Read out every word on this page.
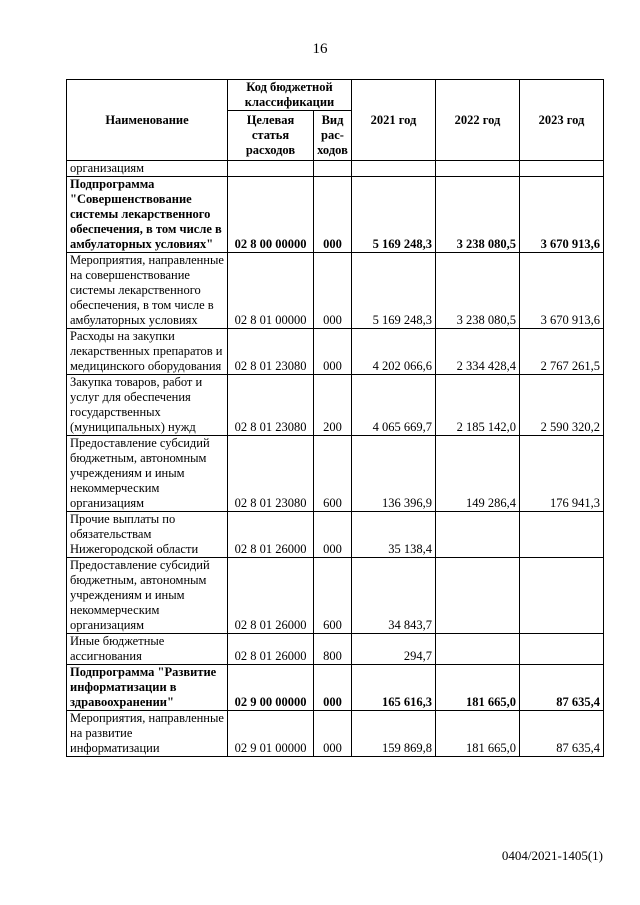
16
Наименование	Код бюджетной классификации		2021 год	2022 год	2023 год
	Целевая статья расходов	Вид рас-ходов			
организациям					
Подпрограмма "Совершенствование системы лекарственного обеспечения, в том числе в амбулаторных условиях"	02 8 00 00000	000	5 169 248,3	3 238 080,5	3 670 913,6
Мероприятия, направленные на совершенствование системы лекарственного обеспечения, в том числе в амбулаторных условиях	02 8 01 00000	000	5 169 248,3	3 238 080,5	3 670 913,6
Расходы на закупки лекарственных препаратов и медицинского оборудования	02 8 01 23080	000	4 202 066,6	2 334 428,4	2 767 261,5
Закупка товаров, работ и услуг для обеспечения государственных (муниципальных) нужд	02 8 01 23080	200	4 065 669,7	2 185 142,0	2 590 320,2
Предоставление субсидий бюджетным, автономным учреждениям и иным некоммерческим организациям	02 8 01 23080	600	136 396,9	149 286,4	176 941,3
Прочие выплаты по обязательствам Нижегородской области	02 8 01 26000	000	35 138,4		
Предоставление субсидий бюджетным, автономным учреждениям и иным некоммерческим организациям	02 8 01 26000	600	34 843,7		
Иные бюджетные ассигнования	02 8 01 26000	800	294,7		
Подпрограмма "Развитие информатизации в здравоохранении"	02 9 00 00000	000	165 616,3	181 665,0	87 635,4
Мероприятия, направленные на развитие информатизации	02 9 01 00000	000	159 869,8	181 665,0	87 635,4
0404/2021-1405(1)
